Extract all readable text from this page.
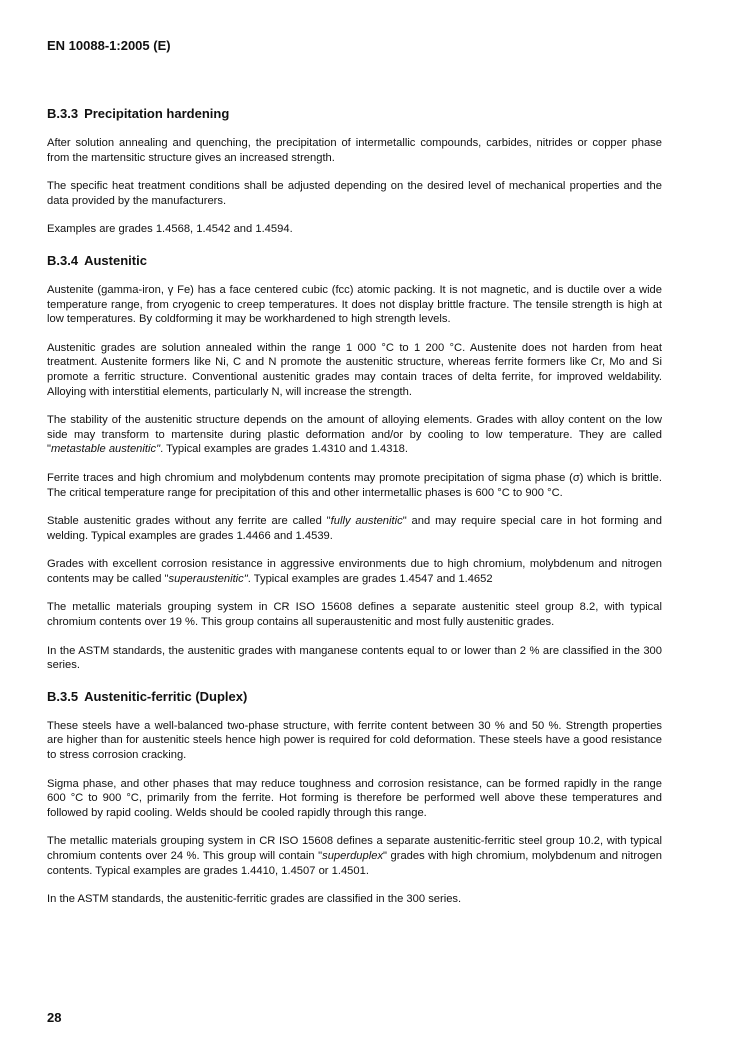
EN 10088-1:2005 (E)
B.3.3 Precipitation hardening

After solution annealing and quenching, the precipitation of intermetallic compounds, carbides, nitrides or copper phase from the martensitic structure gives an increased strength.

The specific heat treatment conditions shall be adjusted depending on the desired level of mechanical properties and the data provided by the manufacturers.

Examples are grades 1.4568, 1.4542 and 1.4594.

B.3.4 Austenitic

Austenite (gamma-iron, γ Fe) has a face centered cubic (fcc) atomic packing. It is not magnetic, and is ductile over a wide temperature range, from cryogenic to creep temperatures. It does not display brittle fracture. The tensile strength is high at low temperatures. By coldforming it may be workhardened to high strength levels.

Austenitic grades are solution annealed within the range 1 000 °C to 1 200 °C. Austenite does not harden from heat treatment. Austenite formers like Ni, C and N promote the austenitic structure, whereas ferrite formers like Cr, Mo and Si promote a ferritic structure. Conventional austenitic grades may contain traces of delta ferrite, for improved weldability. Alloying with interstitial elements, particularly N, will increase the strength.

The stability of the austenitic structure depends on the amount of alloying elements. Grades with alloy content on the low side may transform to martensite during plastic deformation and/or by cooling to low temperature. They are called "metastable austenitic". Typical examples are grades 1.4310 and 1.4318.

Ferrite traces and high chromium and molybdenum contents may promote precipitation of sigma phase (σ) which is brittle. The critical temperature range for precipitation of this and other intermetallic phases is 600 °C to 900 °C.

Stable austenitic grades without any ferrite are called "fully austenitic" and may require special care in hot forming and welding. Typical examples are grades 1.4466 and 1.4539.

Grades with excellent corrosion resistance in aggressive environments due to high chromium, molybdenum and nitrogen contents may be called "superaustenitic". Typical examples are grades 1.4547 and 1.4652

The metallic materials grouping system in CR ISO 15608 defines a separate austenitic steel group 8.2, with typical chromium contents over 19 %. This group contains all superaustenitic and most fully austenitic grades.

In the ASTM standards, the austenitic grades with manganese contents equal to or lower than 2 % are classified in the 300 series.

B.3.5 Austenitic-ferritic (Duplex)

These steels have a well-balanced two-phase structure, with ferrite content between 30 % and 50 %. Strength properties are higher than for austenitic steels hence high power is required for cold deformation. These steels have a good resistance to stress corrosion cracking.

Sigma phase, and other phases that may reduce toughness and corrosion resistance, can be formed rapidly in the range 600 °C to 900 °C, primarily from the ferrite. Hot forming is therefore be performed well above these temperatures and followed by rapid cooling. Welds should be cooled rapidly through this range.

The metallic materials grouping system in CR ISO 15608 defines a separate austenitic-ferritic steel group 10.2, with typical chromium contents over 24 %. This group will contain "superduplex" grades with high chromium, molybdenum and nitrogen contents. Typical examples are grades 1.4410, 1.4507 or 1.4501.

In the ASTM standards, the austenitic-ferritic grades are classified in the 300 series.

28
